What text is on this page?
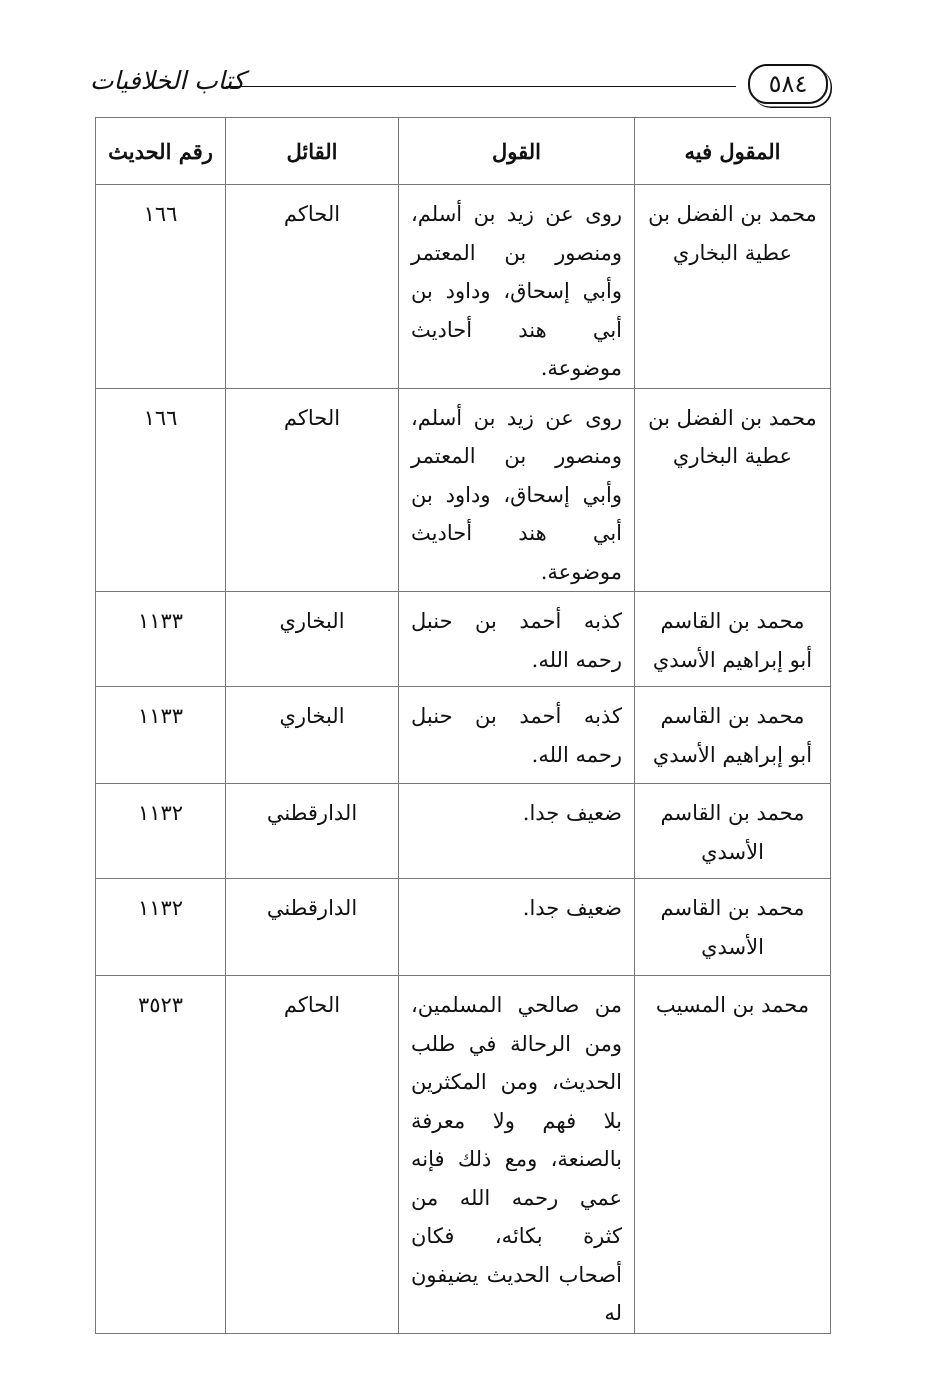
كتاب الخلافيات	٥٨٤
المقول فيه	القول	القائل	رقم الحديث
محمد بن الفضل بن عطية البخاري	روى عن زيد بن أسلم، ومنصور بن المعتمر وأبي إسحاق، وداود بن أبي هند أحاديث موضوعة.	الحاكم	١٦٦
محمد بن الفضل بن عطية البخاري	روى عن زيد بن أسلم، ومنصور بن المعتمر وأبي إسحاق، وداود بن أبي هند أحاديث موضوعة.	الحاكم	١٦٦
محمد بن القاسم أبو إبراهيم الأسدي	كذبه أحمد بن حنبل رحمه الله.	البخاري	١١٣٣
محمد بن القاسم أبو إبراهيم الأسدي	كذبه أحمد بن حنبل رحمه الله.	البخاري	١١٣٣
محمد بن القاسم الأسدي	ضعيف جدا.	الدارقطني	١١٣٢
محمد بن القاسم الأسدي	ضعيف جدا.	الدارقطني	١١٣٢
محمد بن المسيب	من صالحي المسلمين، ومن الرحالة في طلب الحديث، ومن المكثرين بلا فهم ولا معرفة بالصنعة، ومع ذلك فإنه عمي رحمه الله من كثرة بكائه، فكان أصحاب الحديث يضيفون له	الحاكم	٣٥٢٣
